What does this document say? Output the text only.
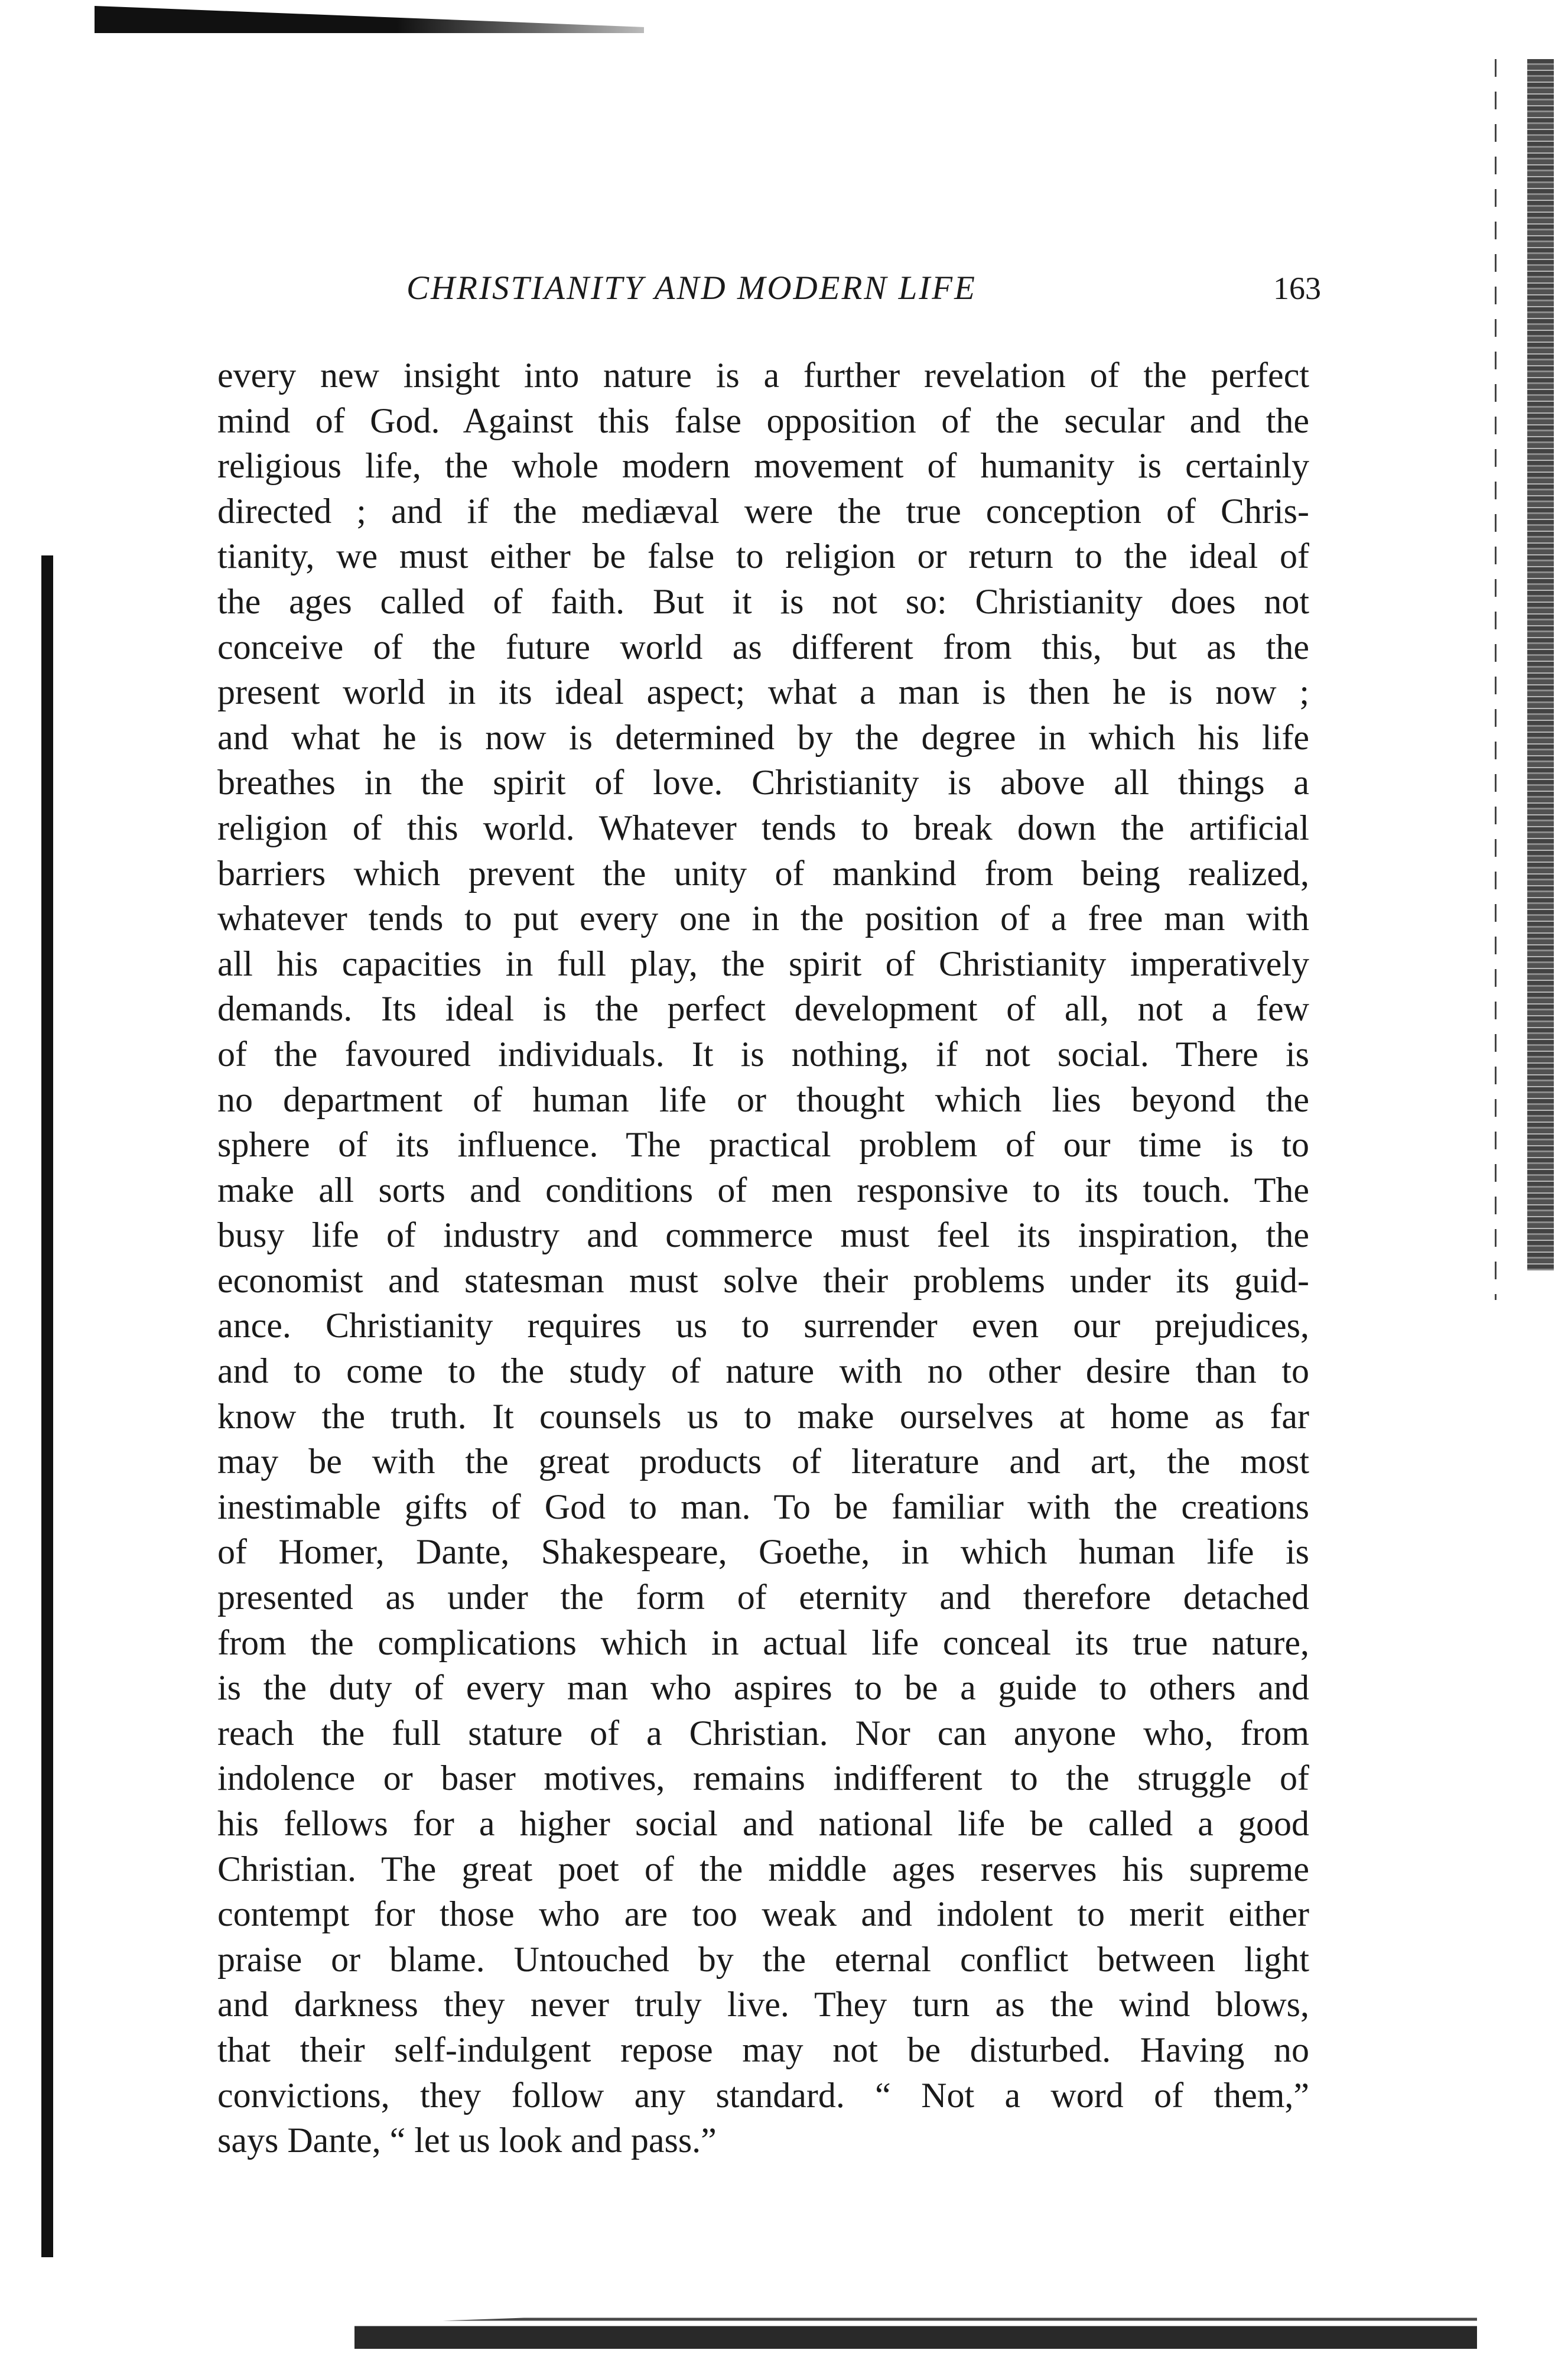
CHRISTIANITY AND MODERN LIFE	163
every new insight into nature is a further revelation of the perfect
mind of God. Against this false opposition of the secular and the
religious life, the whole modern movement of humanity is certainly
directed ; and if the mediæval were the true conception of Chris-
tianity, we must either be false to religion or return to the ideal of
the ages called of faith. But it is not so: Christianity does not
conceive of the future world as different from this, but as the
present world in its ideal aspect; what a man is then he is now ;
and what he is now is determined by the degree in which his life
breathes in the spirit of love. Christianity is above all things a
religion of this world. Whatever tends to break down the artificial
barriers which prevent the unity of mankind from being realized,
whatever tends to put every one in the position of a free man with
all his capacities in full play, the spirit of Christianity imperatively
demands. Its ideal is the perfect development of all, not a few
of the favoured individuals. It is nothing, if not social. There is
no department of human life or thought which lies beyond the
sphere of its influence. The practical problem of our time is to
make all sorts and conditions of men responsive to its touch. The
busy life of industry and commerce must feel its inspiration, the
economist and statesman must solve their problems under its guid-
ance. Christianity requires us to surrender even our prejudices,
and to come to the study of nature with no other desire than to
know the truth. It counsels us to make ourselves at home as far
may be with the great products of literature and art, the most
inestimable gifts of God to man. To be familiar with the creations
of Homer, Dante, Shakespeare, Goethe, in which human life is
presented as under the form of eternity and therefore detached
from the complications which in actual life conceal its true nature,
is the duty of every man who aspires to be a guide to others and
reach the full stature of a Christian. Nor can anyone who, from
indolence or baser motives, remains indifferent to the struggle of
his fellows for a higher social and national life be called a good
Christian. The great poet of the middle ages reserves his supreme
contempt for those who are too weak and indolent to merit either
praise or blame. Untouched by the eternal conflict between light
and darkness they never truly live. They turn as the wind blows,
that their self-indulgent repose may not be disturbed. Having no
convictions, they follow any standard. “ Not a word of them,”
says Dante, “ let us look and pass.”
